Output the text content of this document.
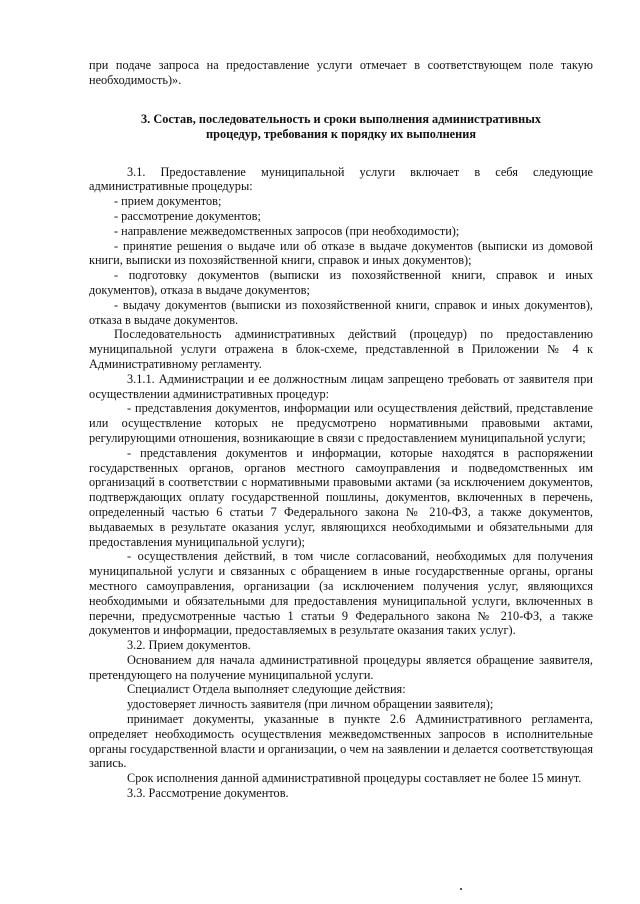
при подаче запроса на предоставление услуги отмечает в соответствующем поле такую необходимость)».

3. Состав, последовательность и сроки выполнения административных
процедур, требования к порядку их выполнения

3.1. Предоставление муниципальной услуги включает в себя следующие административные процедуры:

- прием документов;

- рассмотрение документов;

- направление межведомственных запросов (при необходимости);

- принятие решения о выдаче или об отказе в выдаче документов (выписки из домовой книги, выписки из похозяйственной книги, справок и иных документов);

- подготовку документов (выписки из похозяйственной книги, справок и иных документов), отказа в выдаче документов;

- выдачу документов (выписки из похозяйственной книги, справок и иных документов), отказа в выдаче документов.

Последовательность административных действий (процедур) по предоставлению муниципальной услуги отражена в блок-схеме, представленной в Приложении № 4 к Административному регламенту.

3.1.1. Администрации и ее должностным лицам запрещено требовать от заявителя при осуществлении административных процедур:

- представления документов, информации или осуществления действий, представление или осуществление которых не предусмотрено нормативными правовыми актами, регулирующими отношения, возникающие в связи с предоставлением муниципальной услуги;

- представления документов и информации, которые находятся в распоряжении государственных органов, органов местного самоуправления и подведомственных им организаций в соответствии с нормативными правовыми актами (за исключением документов, подтверждающих оплату государственной пошлины, документов, включенных в перечень, определенный частью 6 статьи 7 Федерального закона № 210-ФЗ, а также документов, выдаваемых в результате оказания услуг, являющихся необходимыми и обязательными для предоставления муниципальной услуги);

- осуществления действий, в том числе согласований, необходимых для получения муниципальной услуги и связанных с обращением в иные государственные органы, органы местного самоуправления, организации (за исключением получения услуг, являющихся необходимыми и обязательными для предоставления муниципальной услуги, включенных в перечни, предусмотренные частью 1 статьи 9 Федерального закона № 210-ФЗ, а также документов и информации, предоставляемых в результате оказания таких услуг).

3.2. Прием документов.

Основанием для начала административной процедуры является обращение заявителя, претендующего на получение муниципальной услуги.

Специалист Отдела выполняет следующие действия:

удостоверяет личность заявителя (при личном обращении заявителя);

принимает документы, указанные в пункте 2.6 Административного регламента, определяет необходимость осуществления межведомственных запросов в исполнительные органы государственной власти и организации, о чем на заявлении и делается соответствующая запись.

Срок исполнения данной административной процедуры составляет не более 15 минут.

3.3. Рассмотрение документов.
